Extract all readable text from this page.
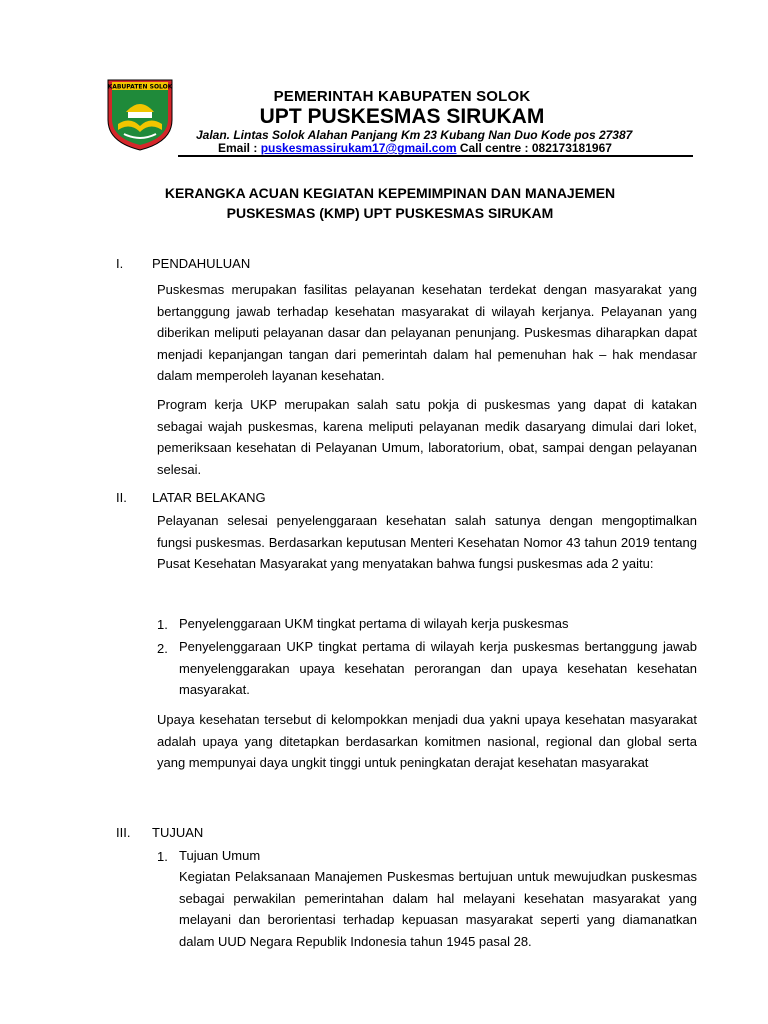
KABUPATEN SOLOK
PEMERINTAH KABUPATEN SOLOK
UPT PUSKESMAS SIRUKAM
Jalan. Lintas Solok Alahan Panjang Km 23 Kubang Nan Duo Kode pos 27387
Email : puskesmassirukam17@gmail.com Call centre : 082173181967
KERANGKA ACUAN KEGIATAN KEPEMIMPINAN DAN MANAJEMEN
PUSKESMAS (KMP) UPT PUSKESMAS SIRUKAM
I. PENDAHULUAN

Puskesmas merupakan fasilitas pelayanan kesehatan terdekat dengan masyarakat yang bertanggung jawab terhadap kesehatan masyarakat di wilayah kerjanya. Pelayanan yang diberikan meliputi pelayanan dasar dan pelayanan penunjang. Puskesmas diharapkan dapat menjadi kepanjangan tangan dari pemerintah dalam hal pemenuhan hak – hak mendasar dalam memperoleh layanan kesehatan.

Program kerja UKP merupakan salah satu pokja di puskesmas yang dapat di katakan sebagai wajah puskesmas, karena meliputi pelayanan medik dasaryang dimulai dari loket, pemeriksaan kesehatan di Pelayanan Umum, laboratorium, obat, sampai dengan pelayanan selesai.

II. LATAR BELAKANG

Pelayanan selesai penyelenggaraan kesehatan salah satunya dengan mengoptimalkan fungsi puskesmas. Berdasarkan keputusan Menteri Kesehatan Nomor 43 tahun 2019 tentang Pusat Kesehatan Masyarakat yang menyatakan bahwa fungsi puskesmas ada 2 yaitu:

1. Penyelenggaraan UKM tingkat pertama di wilayah kerja puskesmas

2. Penyelenggaraan UKP tingkat pertama di wilayah kerja puskesmas bertanggung jawab menyelenggarakan upaya kesehatan perorangan dan upaya kesehatan kesehatan masyarakat.

Upaya kesehatan tersebut di kelompokkan menjadi dua yakni upaya kesehatan masyarakat adalah upaya yang ditetapkan berdasarkan komitmen nasional, regional dan global serta yang mempunyai daya ungkit tinggi untuk peningkatan derajat kesehatan masyarakat

III. TUJUAN
1. Tujuan Umum

Kegiatan Pelaksanaan Manajemen Puskesmas bertujuan untuk mewujudkan puskesmas sebagai perwakilan pemerintahan dalam hal melayani kesehatan masyarakat yang melayani dan berorientasi terhadap kepuasan masyarakat seperti yang diamanatkan dalam UUD Negara Republik Indonesia tahun 1945 pasal 28.
